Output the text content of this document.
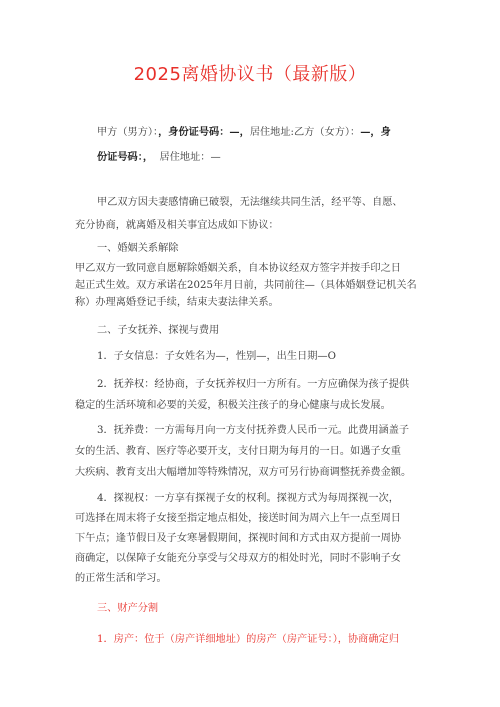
2025离婚协议书（最新版）
甲方（男方）：，身份证号码：—，居住地址:乙方（女方）：—，身
份证号码：， 居住地址：—
甲乙双方因夫妻感情确已破裂，无法继续共同生活，经平等、自愿、
充分协商，就离婚及相关事宜达成如下协议：
一、婚姻关系解除
甲乙双方一致同意自愿解除婚姻关系，自本协议经双方签字并按手印之日
起正式生效。双方承诺在2025年月日前，共同前往—（具体婚姻登记机关名
称）办理离婚登记手续，结束夫妻法律关系。
二、子女抚养、探视与费用
1．子女信息：子女姓名为—，性别—，出生日期—O
2．抚养权：经协商，子女抚养权归一方所有。一方应确保为孩子提供
稳定的生活环境和必要的关爱，积极关注孩子的身心健康与成长发展。
3．抚养费：一方需每月向一方支付抚养费人民币一元。此费用涵盖子
女的生活、教育、医疗等必要开支，支付日期为每月的一日。如遇子女重
大疾病、教育支出大幅增加等特殊情况，双方可另行协商调整抚养费金额。
4．探视权：一方享有探视子女的权利。探视方式为每周探视一次，
可选择在周末将子女接至指定地点相处，接送时间为周六上午一点至周日
下午点；逢节假日及子女寒暑假期间，探视时间和方式由双方提前一周协
商确定，以保障子女能充分享受与父母双方的相处时光，同时不影响子女
的正常生活和学习。
三、财产分割
1．房产：位于（房产详细地址）的房产（房产证号：），协商确定归
